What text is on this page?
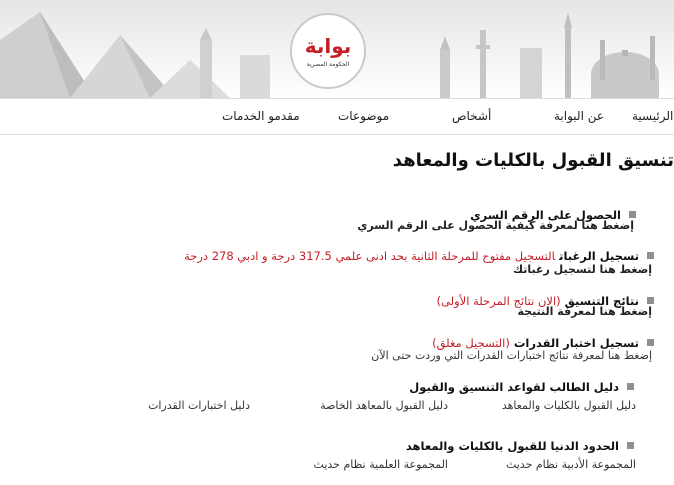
بوابة
الحكومة المصرية
الرئيسية
عن البوابة
أشخاص
موضوعات
مقدمو الخدمات
تنسيق القبول بالكليات والمعاهد
الحصول على الرقم السري
إضغط هنا لمعرفة كيفية الحصول على الرقم السري
تسجيل الرغباتالتسجيل مفتوح للمرحلة الثانية بحد ادنى علمي 317.5 درجة و ادبي 278 درجة
إضغط هنا لتسجيل رغباتك
نتائج التنسيق(الان نتائج المرحلة الأولى)
إضغط هنا لمعرفة النتيجة
تسجيل اختبار القدرات(التسجيل مغلق)
إضغط هنا لمعرفة نتائج اختبارات القدرات التي وردت حتى الآن
دليل الطالب لقواعد التنسيق والقبول
دليل القبول بالكليات والمعاهد
دليل القبول بالمعاهد الخاصة
دليل اختبارات القدرات
الحدود الدنيا للقبول بالكليات والمعاهد
المجموعة الأدبية نظام حديث
المجموعة العلمية نظام حديث
